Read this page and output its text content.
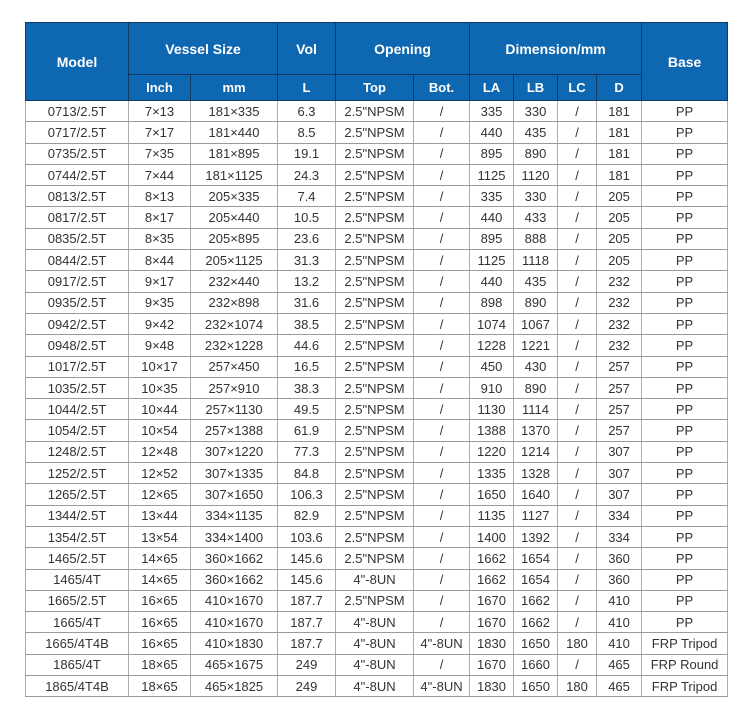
Model	Vessel Size		Vol	Opening		Dimension/mm				Base
	Inch	mm	L	Top	Bot.	LA	LB	LC	D	
0713/2.5T	7×13	181×335	6.3	2.5"NPSM	/	335	330	/	181	PP
0717/2.5T	7×17	181×440	8.5	2.5"NPSM	/	440	435	/	181	PP
0735/2.5T	7×35	181×895	19.1	2.5"NPSM	/	895	890	/	181	PP
0744/2.5T	7×44	181×1125	24.3	2.5"NPSM	/	1125	1120	/	181	PP
0813/2.5T	8×13	205×335	7.4	2.5"NPSM	/	335	330	/	205	PP
0817/2.5T	8×17	205×440	10.5	2.5"NPSM	/	440	433	/	205	PP
0835/2.5T	8×35	205×895	23.6	2.5"NPSM	/	895	888	/	205	PP
0844/2.5T	8×44	205×1125	31.3	2.5"NPSM	/	1125	1118	/	205	PP
0917/2.5T	9×17	232×440	13.2	2.5"NPSM	/	440	435	/	232	PP
0935/2.5T	9×35	232×898	31.6	2.5"NPSM	/	898	890	/	232	PP
0942/2.5T	9×42	232×1074	38.5	2.5"NPSM	/	1074	1067	/	232	PP
0948/2.5T	9×48	232×1228	44.6	2.5"NPSM	/	1228	1221	/	232	PP
1017/2.5T	10×17	257×450	16.5	2.5"NPSM	/	450	430	/	257	PP
1035/2.5T	10×35	257×910	38.3	2.5"NPSM	/	910	890	/	257	PP
1044/2.5T	10×44	257×1130	49.5	2.5"NPSM	/	1130	1114	/	257	PP
1054/2.5T	10×54	257×1388	61.9	2.5"NPSM	/	1388	1370	/	257	PP
1248/2.5T	12×48	307×1220	77.3	2.5"NPSM	/	1220	1214	/	307	PP
1252/2.5T	12×52	307×1335	84.8	2.5"NPSM	/	1335	1328	/	307	PP
1265/2.5T	12×65	307×1650	106.3	2.5"NPSM	/	1650	1640	/	307	PP
1344/2.5T	13×44	334×1135	82.9	2.5"NPSM	/	1135	1127	/	334	PP
1354/2.5T	13×54	334×1400	103.6	2.5"NPSM	/	1400	1392	/	334	PP
1465/2.5T	14×65	360×1662	145.6	2.5"NPSM	/	1662	1654	/	360	PP
1465/4T	14×65	360×1662	145.6	4"-8UN	/	1662	1654	/	360	PP
1665/2.5T	16×65	410×1670	187.7	2.5"NPSM	/	1670	1662	/	410	PP
1665/4T	16×65	410×1670	187.7	4"-8UN	/	1670	1662	/	410	PP
1665/4T4B	16×65	410×1830	187.7	4"-8UN	4"-8UN	1830	1650	180	410	FRP Tripod
1865/4T	18×65	465×1675	249	4"-8UN	/	1670	1660	/	465	FRP Round
1865/4T4B	18×65	465×1825	249	4"-8UN	4"-8UN	1830	1650	180	465	FRP Tripod
